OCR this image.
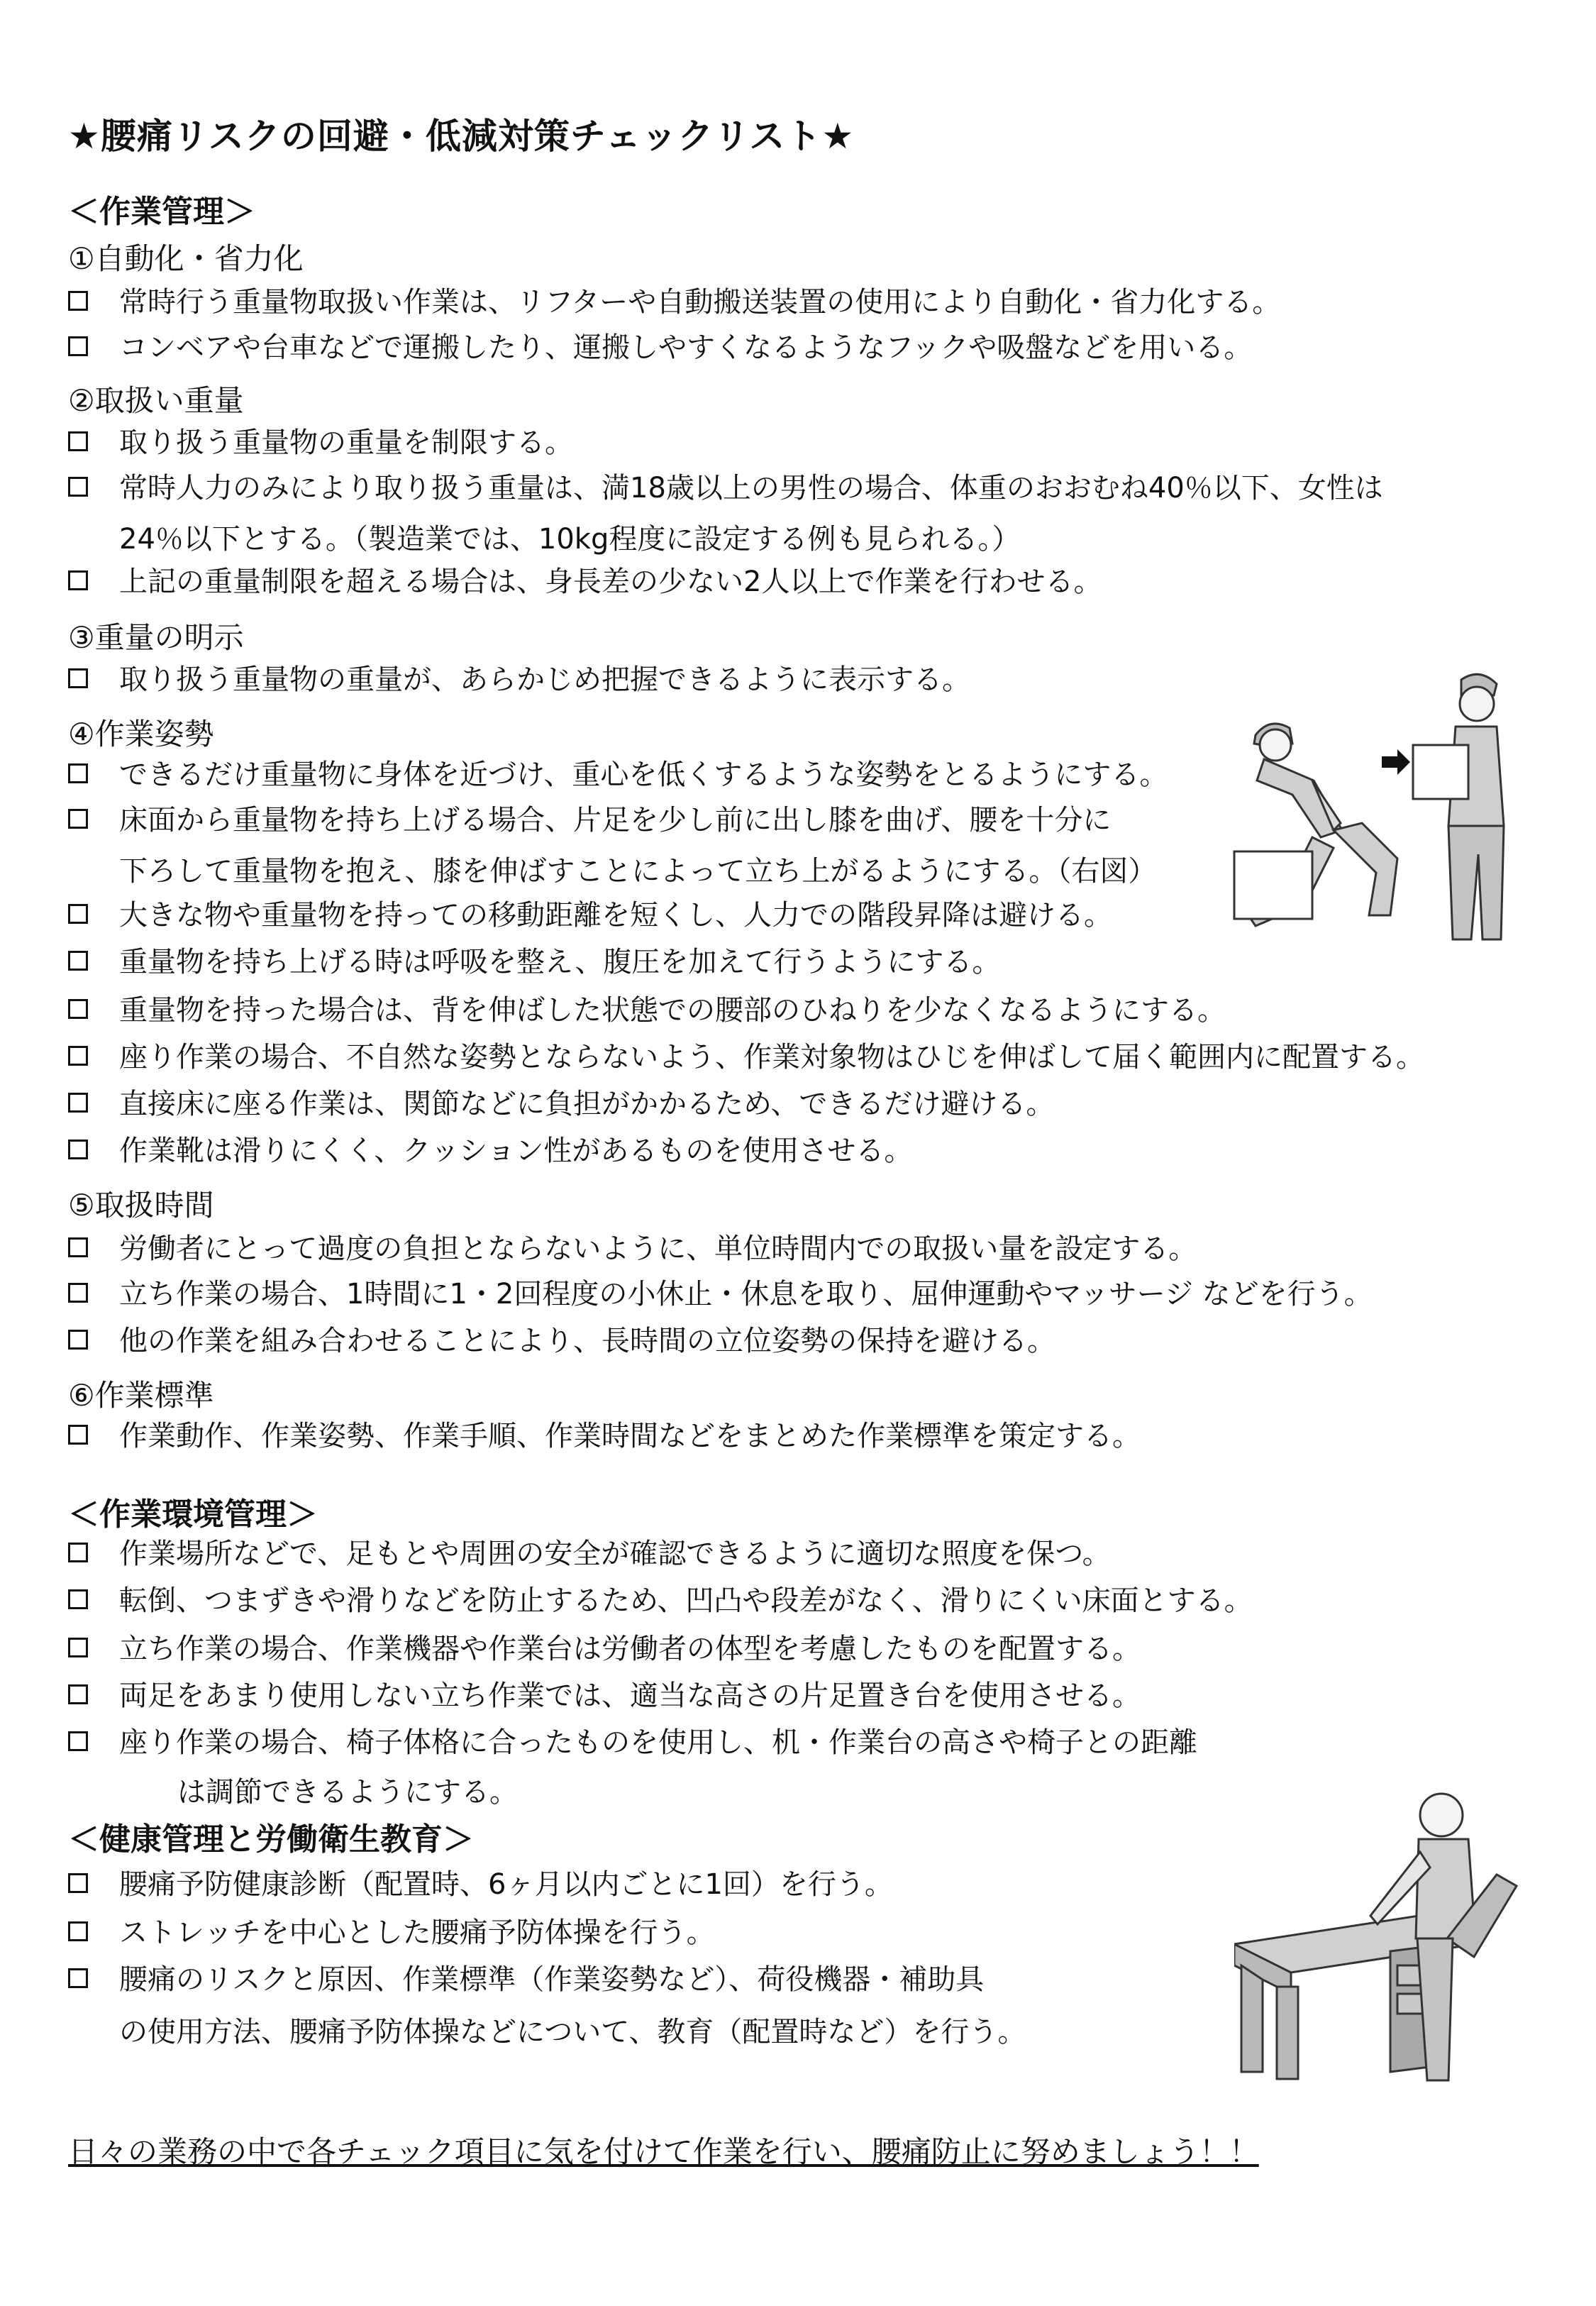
★腰痛リスクの回避・低減対策チェックリスト★
＜作業管理＞
①自動化・省力化
常時行う重量物取扱い作業は、リフターや自動搬送装置の使用により自動化・省力化する。
コンベアや台車などで運搬したり、運搬しやすくなるようなフックや吸盤などを用いる。
②取扱い重量
取り扱う重量物の重量を制限する。
常時人力のみにより取り扱う重量は、満18歳以上の男性の場合、体重のおおむね40％以下、女性は
24％以下とする。（製造業では、10kg程度に設定する例も見られる。）
上記の重量制限を超える場合は、身長差の少ない2人以上で作業を行わせる。
③重量の明示
取り扱う重量物の重量が、あらかじめ把握できるように表示する。
④作業姿勢
できるだけ重量物に身体を近づけ、重心を低くするような姿勢をとるようにする。
床面から重量物を持ち上げる場合、片足を少し前に出し膝を曲げ、腰を十分に
下ろして重量物を抱え、膝を伸ばすことによって立ち上がるようにする。（右図）
大きな物や重量物を持っての移動距離を短くし、人力での階段昇降は避ける。
重量物を持ち上げる時は呼吸を整え、腹圧を加えて行うようにする。
重量物を持った場合は、背を伸ばした状態での腰部のひねりを少なくなるようにする。
座り作業の場合、不自然な姿勢とならないよう、作業対象物はひじを伸ばして届く範囲内に配置する。
直接床に座る作業は、関節などに負担がかかるため、できるだけ避ける。
作業靴は滑りにくく、クッション性があるものを使用させる。
⑤取扱時間
労働者にとって過度の負担とならないように、単位時間内での取扱い量を設定する。
立ち作業の場合、1時間に1・2回程度の小休止・休息を取り、屈伸運動やマッサージ などを行う。
他の作業を組み合わせることにより、長時間の立位姿勢の保持を避ける。
⑥作業標準
作業動作、作業姿勢、作業手順、作業時間などをまとめた作業標準を策定する。
＜作業環境管理＞
作業場所などで、足もとや周囲の安全が確認できるように適切な照度を保つ。
転倒、つまずきや滑りなどを防止するため、凹凸や段差がなく、滑りにくい床面とする。
立ち作業の場合、作業機器や作業台は労働者の体型を考慮したものを配置する。
両足をあまり使用しない立ち作業では、適当な高さの片足置き台を使用させる。
座り作業の場合、椅子体格に合ったものを使用し、机・作業台の高さや椅子との距離
は調節できるようにする。
＜健康管理と労働衛生教育＞
腰痛予防健康診断（配置時、6ヶ月以内ごとに1回）を行う。
ストレッチを中心とした腰痛予防体操を行う。
腰痛のリスクと原因、作業標準（作業姿勢など）、荷役機器・補助具
の使用方法、腰痛予防体操などについて、教育（配置時など）を行う。
日々の業務の中で各チェック項目に気を付けて作業を行い、腰痛防止に努めましょう！！
